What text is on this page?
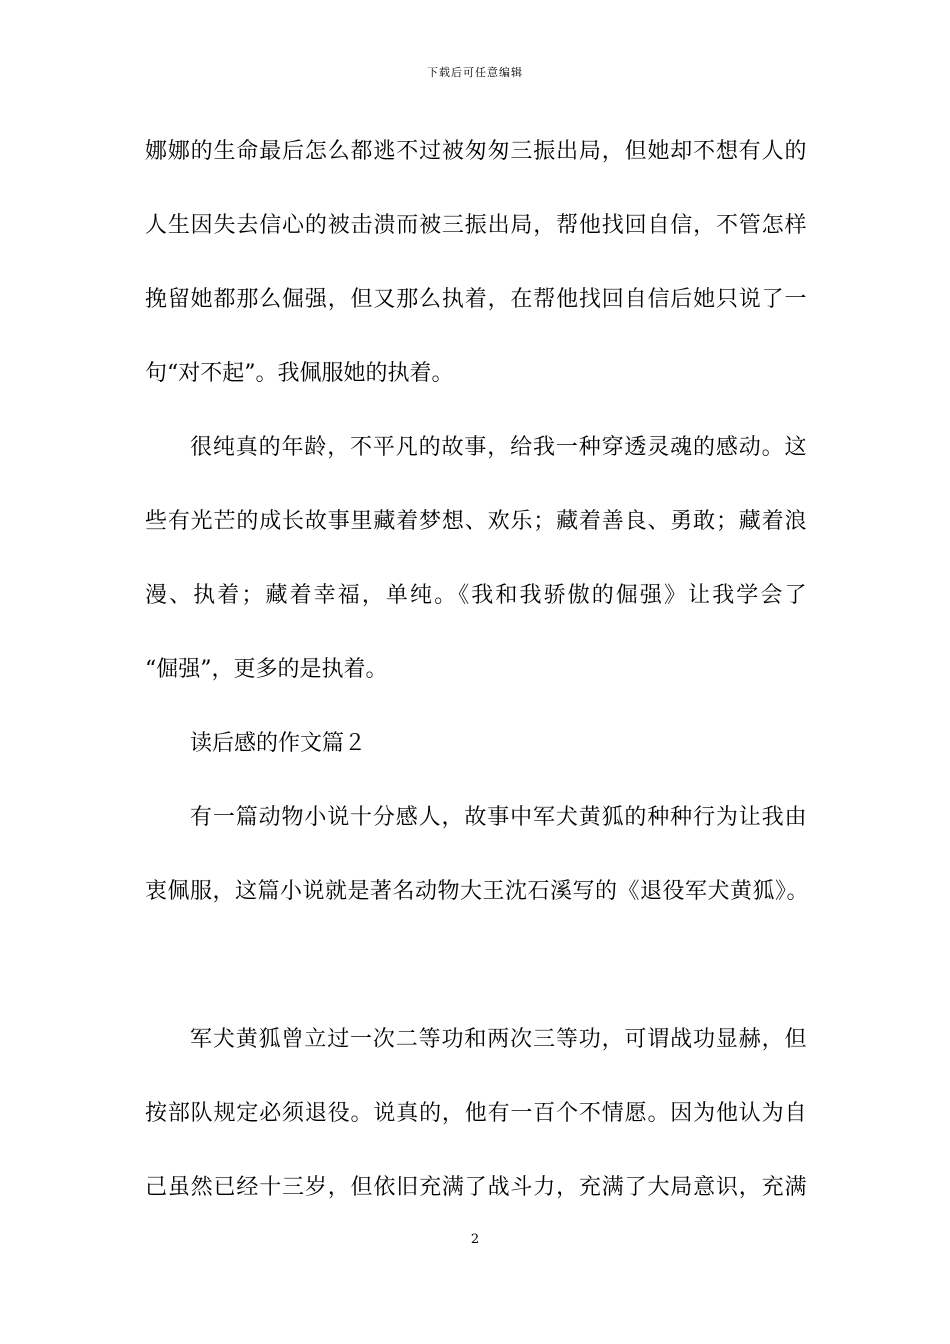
下载后可任意编辑
娜娜的生命最后怎么都逃不过被匆匆三振出局，但她却不想有人的
人生因失去信心的被击溃而被三振出局，帮他找回自信，不管怎样
挽留她都那么倔强，但又那么执着，在帮他找回自信后她只说了一
句“对不起”。我佩服她的执着。
很纯真的年龄，不平凡的故事，给我一种穿透灵魂的感动。这
些有光芒的成长故事里藏着梦想、欢乐；藏着善良、勇敢；藏着浪
漫、执着；藏着幸福，单纯。《我和我骄傲的倔强》让我学会了
“倔强”，更多的是执着。
读后感的作文篇２
有一篇动物小说十分感人，故事中军犬黄狐的种种行为让我由
衷佩服，这篇小说就是著名动物大王沈石溪写的《退役军犬黄狐》。
军犬黄狐曾立过一次二等功和两次三等功，可谓战功显赫，但
按部队规定必须退役。说真的，他有一百个不情愿。因为他认为自
己虽然已经十三岁，但依旧充满了战斗力，充满了大局意识，充满
2
